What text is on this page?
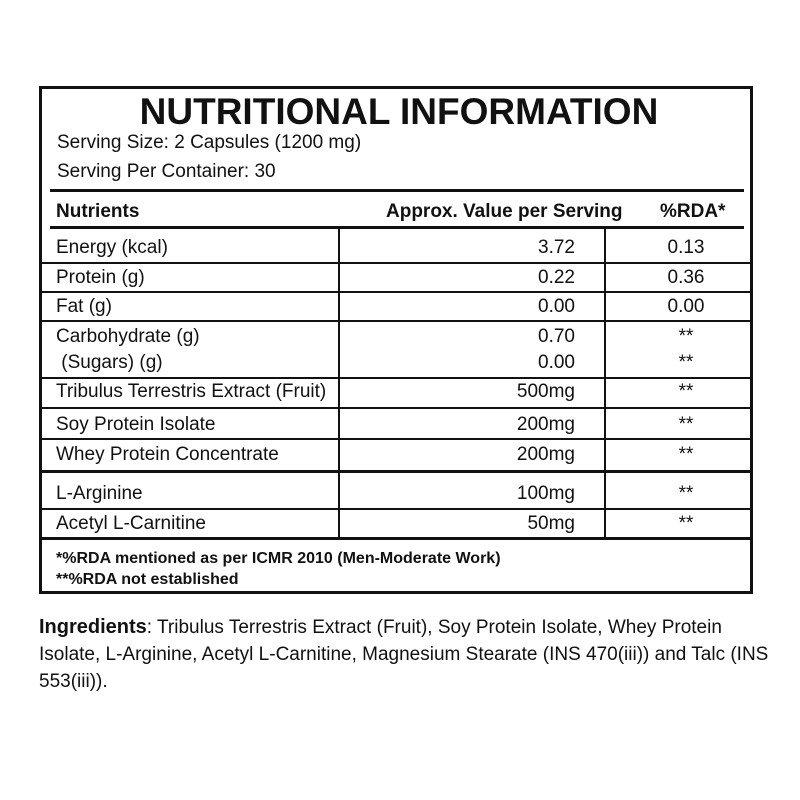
NUTRITIONAL INFORMATION
Serving Size: 2 Capsules (1200 mg)
Serving Per Container: 30
Nutrients	Approx. Value per Serving %RDA*
Energy (kcal)	3.72	0.13
Protein (g)	0.22	0.36
Fat (g)	0.00	0.00
Carbohydrate (g)	0.70	**
(Sugars) (g)	0.00	**
Tribulus Terrestris Extract (Fruit)	500mg	**
Soy Protein Isolate	200mg	**
Whey Protein Concentrate	200mg	**
L-Arginine	100mg	**
Acetyl L-Carnitine	50mg	**
*%RDA mentioned as per ICMR 2010 (Men-Moderate Work)
**%RDA not established
Ingredients: Tribulus Terrestris Extract (Fruit), Soy Protein Isolate, Whey Protein Isolate, L-Arginine, Acetyl L-Carnitine, Magnesium Stearate (INS 470(iii)) and Talc (INS 553(iii)).
